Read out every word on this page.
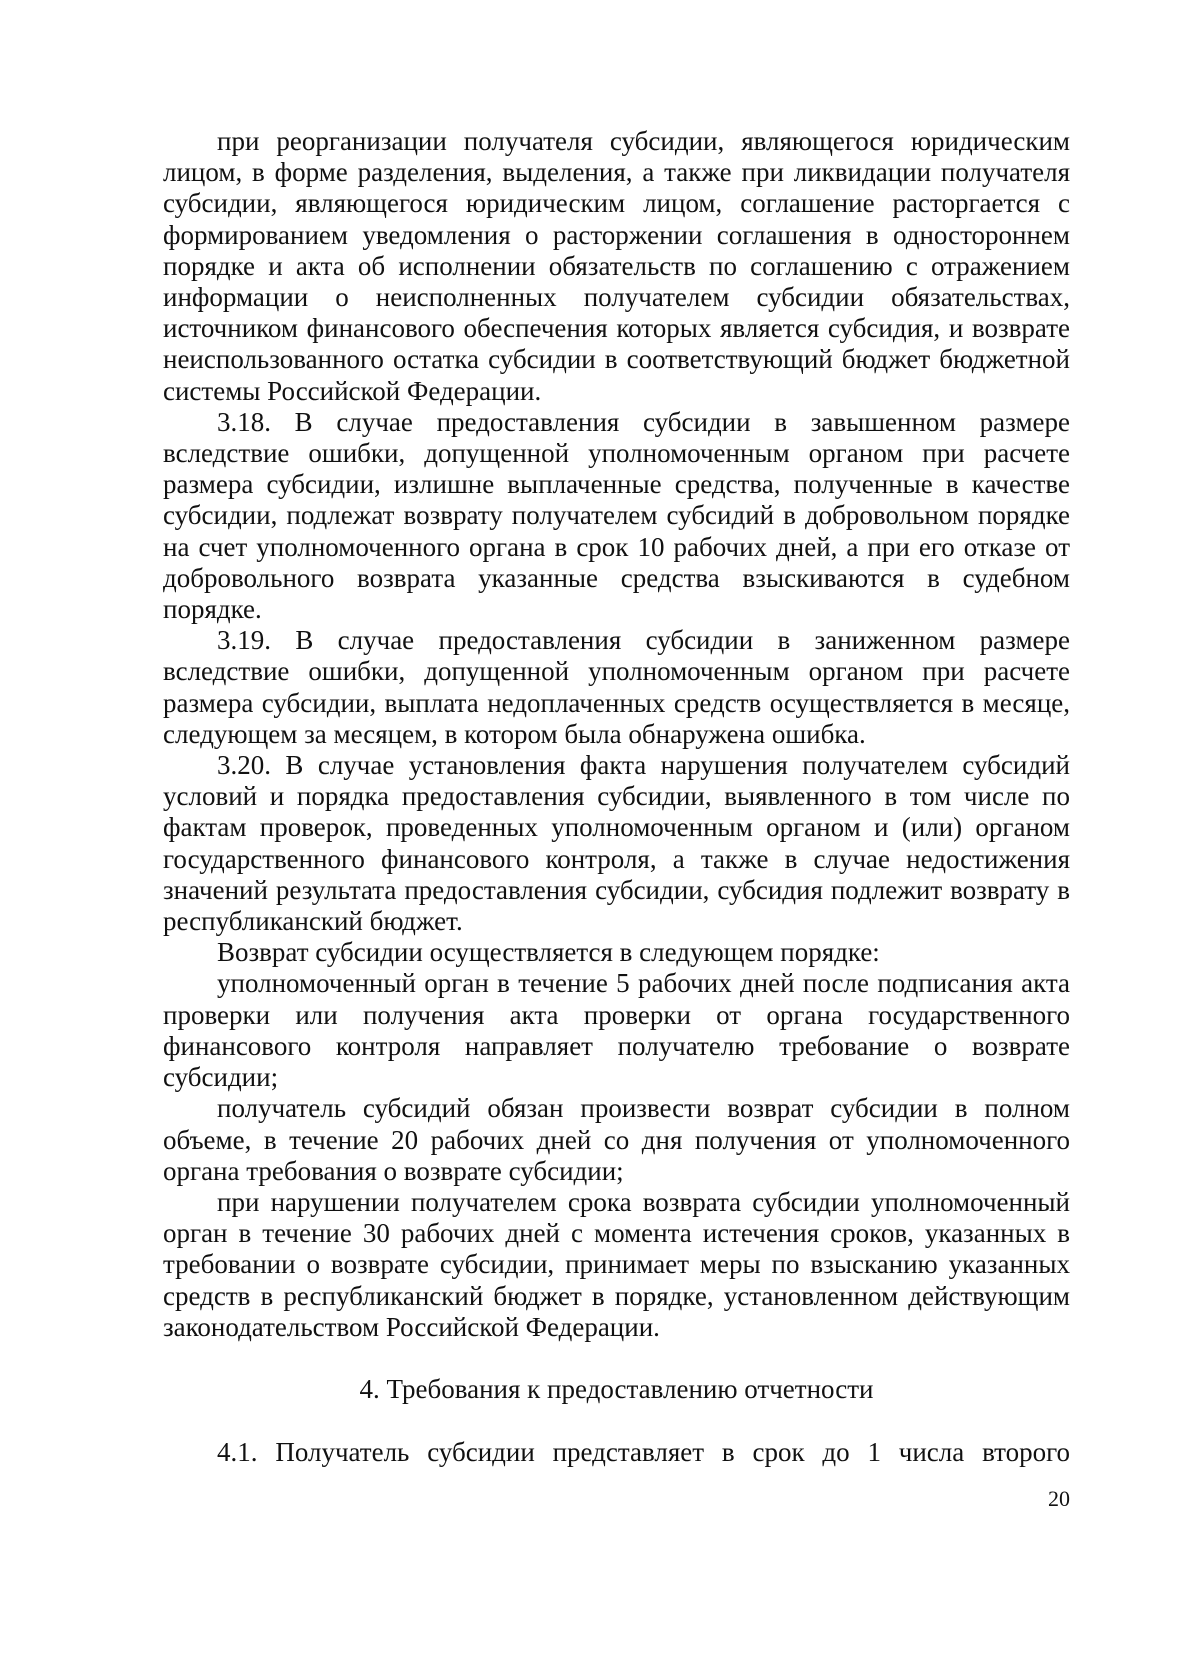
при реорганизации получателя субсидии, являющегося юридическим лицом, в форме разделения, выделения, а также при ликвидации получателя субсидии, являющегося юридическим лицом, соглашение расторгается с формированием уведомления о расторжении соглашения в одностороннем порядке и акта об исполнении обязательств по соглашению с отражением информации о неисполненных получателем субсидии обязательствах, источником финансового обеспечения которых является субсидия, и возврате неиспользованного остатка субсидии в соответствующий бюджет бюджетной системы Российской Федерации.

3.18. В случае предоставления субсидии в завышенном размере вследствие ошибки, допущенной уполномоченным органом при расчете размера субсидии, излишне выплаченные средства, полученные в качестве субсидии, подлежат возврату получателем субсидий в добровольном порядке на счет уполномоченного органа в срок 10 рабочих дней, а при его отказе от добровольного возврата указанные средства взыскиваются в судебном порядке.

3.19. В случае предоставления субсидии в заниженном размере вследствие ошибки, допущенной уполномоченным органом при расчете размера субсидии, выплата недоплаченных средств осуществляется в месяце, следующем за месяцем, в котором была обнаружена ошибка.

3.20. В случае установления факта нарушения получателем субсидий условий и порядка предоставления субсидии, выявленного в том числе по фактам проверок, проведенных уполномоченным органом и (или) органом государственного финансового контроля, а также в случае недостижения значений результата предоставления субсидии, субсидия подлежит возврату в республиканский бюджет.

Возврат субсидии осуществляется в следующем порядке:

уполномоченный орган в течение 5 рабочих дней после подписания акта проверки или получения акта проверки от органа государственного финансового контроля направляет получателю требование о возврате субсидии;

получатель субсидий обязан произвести возврат субсидии в полном объеме, в течение 20 рабочих дней со дня получения от уполномоченного органа требования о возврате субсидии;

при нарушении получателем срока возврата субсидии уполномоченный орган в течение 30 рабочих дней с момента истечения сроков, указанных в требовании о возврате субсидии, принимает меры по взысканию указанных средств в республиканский бюджет в порядке, установленном действующим законодательством Российской Федерации.

4. Требования к предоставлению отчетности

4.1. Получатель субсидии представляет в срок до 1 числа второго

20
